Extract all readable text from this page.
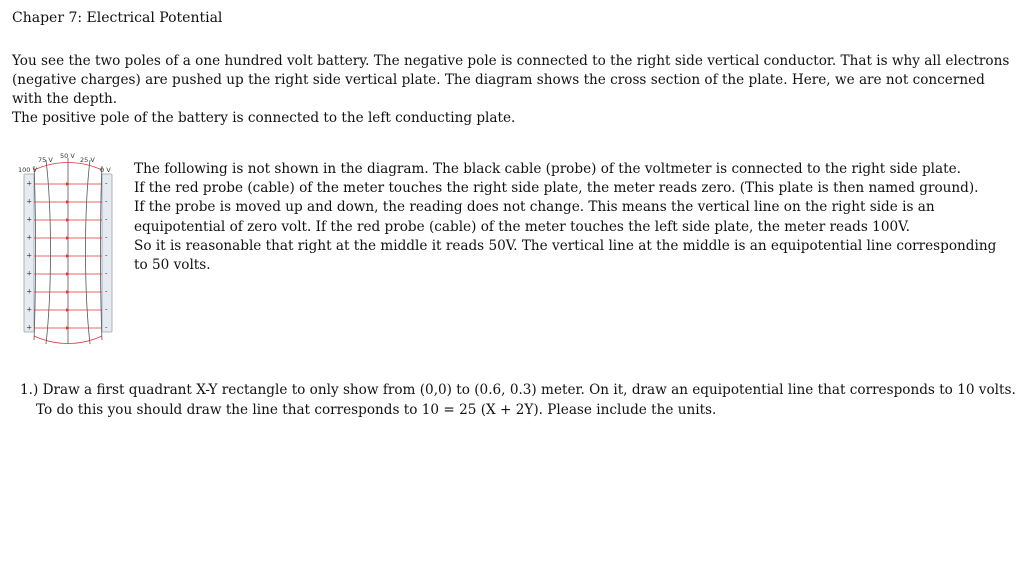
Chaper 7: Electrical Potential

You see the two poles of a one hundred volt battery. The negative pole is connected to the right side vertical conductor. That is why all electrons (negative charges) are pushed up the right side vertical plate. The diagram shows the cross section of the plate. Here, we are not concerned with the depth.

The positive pole of the battery is connected to the left conducting plate.

+
+
+
+
+
+
+
+
+
-
-
-
-
-
-
-
-
-
100 V
75 V 50 V 25 V
0 V The following is not shown in the diagram. The black cable (probe) of the voltmeter is connected to the right side plate.

If the red probe (cable) of the meter touches the right side plate, the meter reads zero. (This plate is then named ground).

If the probe is moved up and down, the reading does not change. This means the vertical line on the right side is an

equipotential of zero volt. If the red probe (cable) of the meter touches the left side plate, the meter reads 100V.

So it is reasonable that right at the middle it reads 50V. The vertical line at the middle is an equipotential line corresponding

to 50 volts.

1.) Draw a first quadrant X-Y rectangle to only show from (0,0) to (0.6, 0.3) meter. On it, draw an equipotential line that corresponds to 10 volts.

To do this you should draw the line that corresponds to 10 = 25 (X + 2Y). Please include the units.
